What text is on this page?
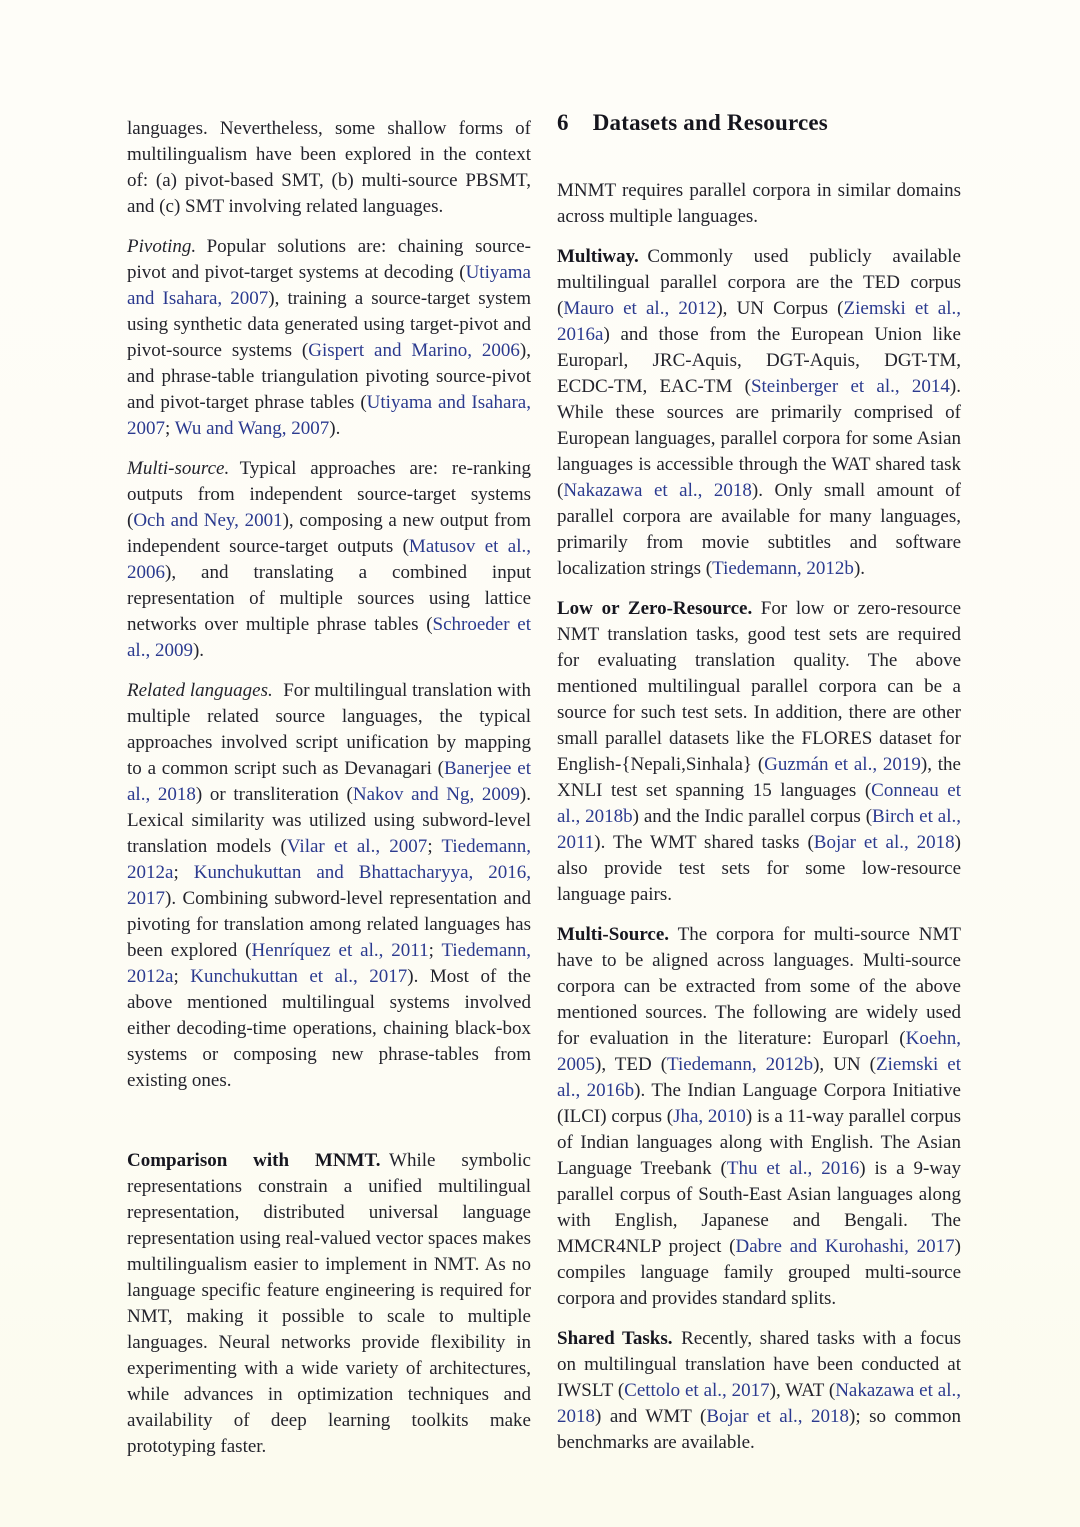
languages. Nevertheless, some shallow forms of multilingualism have been explored in the context of: (a) pivot-based SMT, (b) multi-source PBSMT, and (c) SMT involving related languages.

Pivoting. Popular solutions are: chaining source-pivot and pivot-target systems at decoding (Utiyama and Isahara, 2007), training a source-target system using synthetic data generated using target-pivot and pivot-source systems (Gispert and Marino, 2006), and phrase-table triangulation pivoting source-pivot and pivot-target phrase tables (Utiyama and Isahara, 2007; Wu and Wang, 2007).

Multi-source. Typical approaches are: re-ranking outputs from independent source-target systems (Och and Ney, 2001), composing a new output from independent source-target outputs (Matusov et al., 2006), and translating a combined input representation of multiple sources using lattice networks over multiple phrase tables (Schroeder et al., 2009).

Related languages. For multilingual translation with multiple related source languages, the typical approaches involved script unification by mapping to a common script such as Devanagari (Banerjee et al., 2018) or transliteration (Nakov and Ng, 2009). Lexical similarity was utilized using subword-level translation models (Vilar et al., 2007; Tiedemann, 2012a; Kunchukuttan and Bhattacharyya, 2016, 2017). Combining subword-level representation and pivoting for translation among related languages has been explored (Henríquez et al., 2011; Tiedemann, 2012a; Kunchukuttan et al., 2017). Most of the above mentioned multilingual systems involved either decoding-time operations, chaining black-box systems or composing new phrase-tables from existing ones.

Comparison with MNMT. While symbolic representations constrain a unified multilingual representation, distributed universal language representation using real-valued vector spaces makes multilingualism easier to implement in NMT. As no language specific feature engineering is required for NMT, making it possible to scale to multiple languages. Neural networks provide flexibility in experimenting with a wide variety of architectures, while advances in optimization techniques and availability of deep learning toolkits make prototyping faster.

6 Datasets and Resources

MNMT requires parallel corpora in similar domains across multiple languages.

Multiway. Commonly used publicly available multilingual parallel corpora are the TED corpus (Mauro et al., 2012), UN Corpus (Ziemski et al., 2016a) and those from the European Union like Europarl, JRC-Aquis, DGT-Aquis, DGT-TM, ECDC-TM, EAC-TM (Steinberger et al., 2014). While these sources are primarily comprised of European languages, parallel corpora for some Asian languages is accessible through the WAT shared task (Nakazawa et al., 2018). Only small amount of parallel corpora are available for many languages, primarily from movie subtitles and software localization strings (Tiedemann, 2012b).

Low or Zero-Resource. For low or zero-resource NMT translation tasks, good test sets are required for evaluating translation quality. The above mentioned multilingual parallel corpora can be a source for such test sets. In addition, there are other small parallel datasets like the FLORES dataset for English-{Nepali,Sinhala} (Guzmán et al., 2019), the XNLI test set spanning 15 languages (Conneau et al., 2018b) and the Indic parallel corpus (Birch et al., 2011). The WMT shared tasks (Bojar et al., 2018) also provide test sets for some low-resource language pairs.

Multi-Source. The corpora for multi-source NMT have to be aligned across languages. Multi-source corpora can be extracted from some of the above mentioned sources. The following are widely used for evaluation in the literature: Europarl (Koehn, 2005), TED (Tiedemann, 2012b), UN (Ziemski et al., 2016b). The Indian Language Corpora Initiative (ILCI) corpus (Jha, 2010) is a 11-way parallel corpus of Indian languages along with English. The Asian Language Treebank (Thu et al., 2016) is a 9-way parallel corpus of South-East Asian languages along with English, Japanese and Bengali. The MMCR4NLP project (Dabre and Kurohashi, 2017) compiles language family grouped multi-source corpora and provides standard splits.

Shared Tasks. Recently, shared tasks with a focus on multilingual translation have been conducted at IWSLT (Cettolo et al., 2017), WAT (Nakazawa et al., 2018) and WMT (Bojar et al., 2018); so common benchmarks are available.
